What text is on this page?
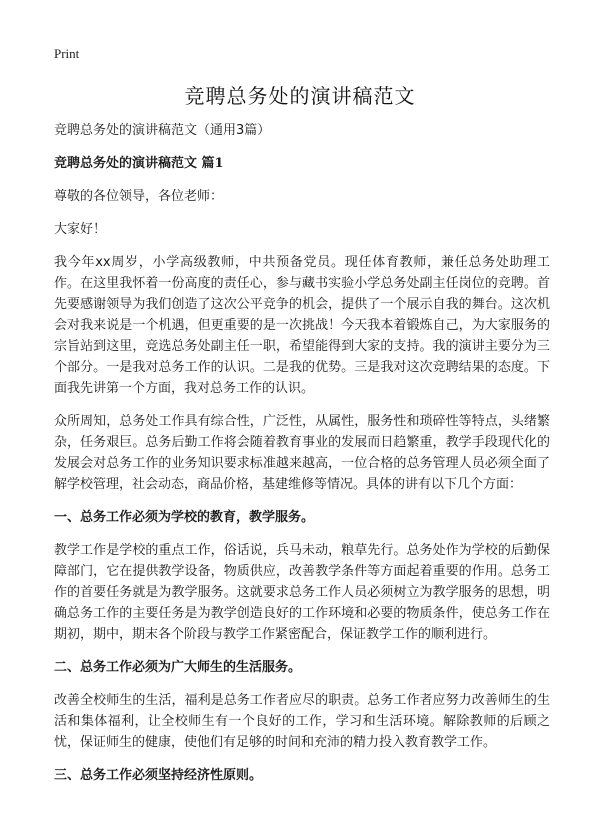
Print
竞聘总务处的演讲稿范文

竞聘总务处的演讲稿范文（通用3篇）

竞聘总务处的演讲稿范文 篇1

尊敬的各位领导，各位老师：

大家好！

我今年xx周岁，小学高级教师，中共预备党员。现任体育教师，兼任总务处助理工作。在这里我怀着一份高度的责任心，参与藏书实验小学总务处副主任岗位的竞聘。首先要感谢领导为我们创造了这次公平竞争的机会，提供了一个展示自我的舞台。这次机会对我来说是一个机遇，但更重要的是一次挑战！今天我本着锻炼自己，为大家服务的宗旨站到这里，竞选总务处副主任一职，希望能得到大家的支持。我的演讲主要分为三个部分。一是我对总务工作的认识。二是我的优势。三是我对这次竞聘结果的态度。下面我先讲第一个方面，我对总务工作的认识。

众所周知，总务处工作具有综合性，广泛性，从属性，服务性和琐碎性等特点，头绪繁杂，任务艰巨。总务后勤工作将会随着教育事业的发展而日趋繁重，教学手段现代化的发展会对总务工作的业务知识要求标准越来越高，一位合格的总务管理人员必须全面了解学校管理，社会动态，商品价格，基建维修等情况。具体的讲有以下几个方面：

一、总务工作必须为学校的教育，教学服务。

教学工作是学校的重点工作，俗话说，兵马未动，粮草先行。总务处作为学校的后勤保障部门，它在提供教学设备，物质供应，改善教学条件等方面起着重要的作用。总务工作的首要任务就是为教学服务。这就要求总务工作人员必须树立为教学服务的思想，明确总务工作的主要任务是为教学创造良好的工作环境和必要的物质条件，使总务工作在期初，期中，期末各个阶段与教学工作紧密配合，保证教学工作的顺利进行。

二、总务工作必须为广大师生的生活服务。

改善全校师生的生活，福利是总务工作者应尽的职责。总务工作者应努力改善师生的生活和集体福利，让全校师生有一个良好的工作，学习和生活环境。解除教师的后顾之忧，保证师生的健康，使他们有足够的时间和充沛的精力投入教育教学工作。

三、总务工作必须坚持经济性原则。
